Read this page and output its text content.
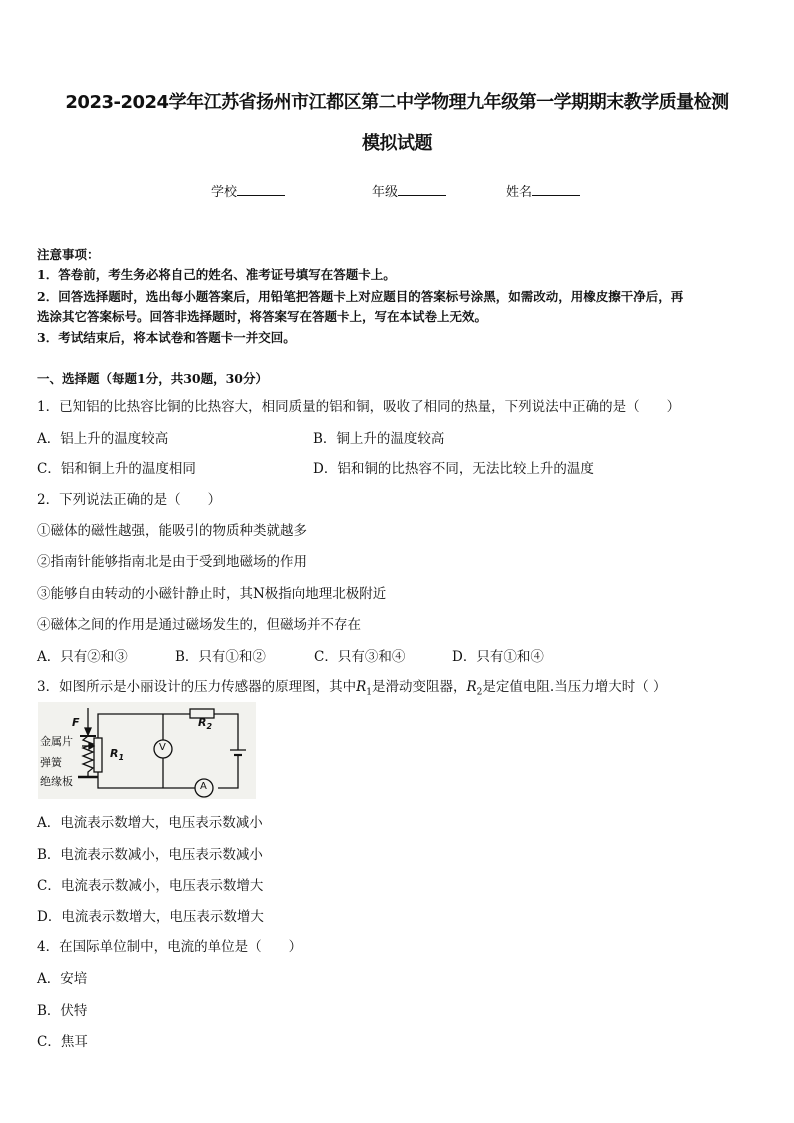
2023-2024学年江苏省扬州市江都区第二中学物理九年级第一学期期末教学质量检测
模拟试题
学校	年级	姓名
注意事项：
1．答卷前，考生务必将自己的姓名、准考证号填写在答题卡上。
2．回答选择题时，选出每小题答案后，用铅笔把答题卡上对应题目的答案标号涂黑，如需改动，用橡皮擦干净后，再
选涂其它答案标号。回答非选择题时，将答案写在答题卡上，写在本试卷上无效。
3．考试结束后，将本试卷和答题卡一并交回。
一、选择题（每题1分，共30题，30分）
1．已知铝的比热容比铜的比热容大，相同质量的铝和铜，吸收了相同的热量，下列说法中正确的是（　　）
A．铝上升的温度较高	B．铜上升的温度较高
C．铝和铜上升的温度相同	D．铝和铜的比热容不同，无法比较上升的温度
2．下列说法正确的是（　　）
①磁体的磁性越强，能吸引的物质种类就越多
②指南针能够指南北是由于受到地磁场的作用
③能够自由转动的小磁针静止时，其N极指向地理北极附近
④磁体之间的作用是通过磁场发生的，但磁场并不存在
A．只有②和③	B．只有①和②	C．只有③和④	D．只有①和④
3．如图所示是小丽设计的压力传感器的原理图，其中$R_1$是滑动变阻器，$R_2$是定值电阻.当压力增大时（ ）
F
金属片
弹簧
绝缘板
$R_1$
$R_2$
V
A
A．电流表示数增大，电压表示数减小
B．电流表示数减小，电压表示数减小
C．电流表示数减小，电压表示数增大
D．电流表示数增大，电压表示数增大
4．在国际单位制中，电流的单位是（　　）
A．安培
B．伏特
C．焦耳
